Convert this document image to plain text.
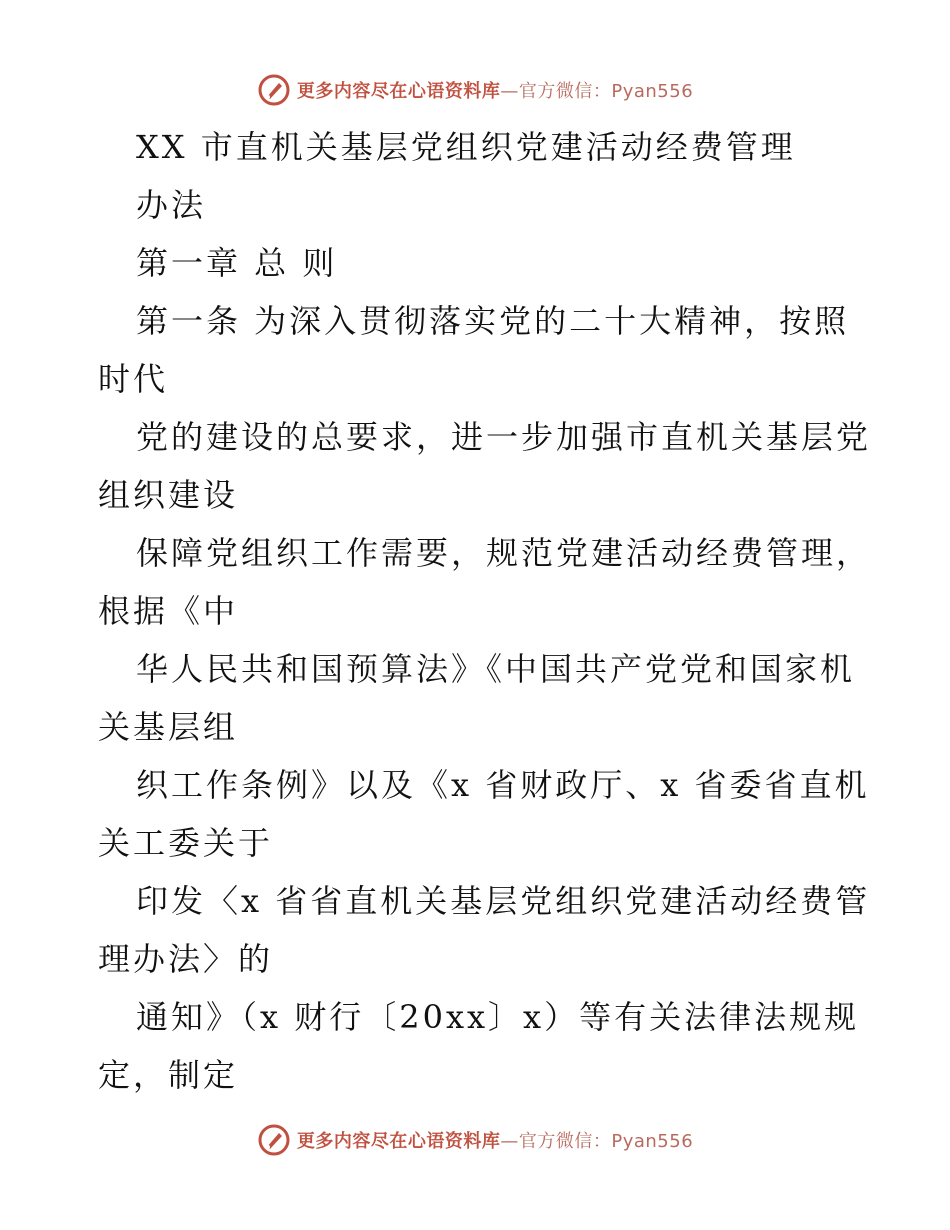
更多内容尽在心语资料库—官方微信：Pyan556
XX 市直机关基层党组织党建活动经费管理
办法
第一章 总 则
第一条 为深入贯彻落实党的二十大精神，按照
时代
党的建设的总要求，进一步加强市直机关基层党
组织建设
保障党组织工作需要，规范党建活动经费管理，
根据《中
华人民共和国预算法》《中国共产党党和国家机
关基层组
织工作条例》以及《x 省财政厅、x 省委省直机
关工委关于
印发〈x 省省直机关基层党组织党建活动经费管
理办法〉的
通知》（x 财行〔20xx〕x）等有关法律法规规
定，制定
更多内容尽在心语资料库—官方微信：Pyan556
